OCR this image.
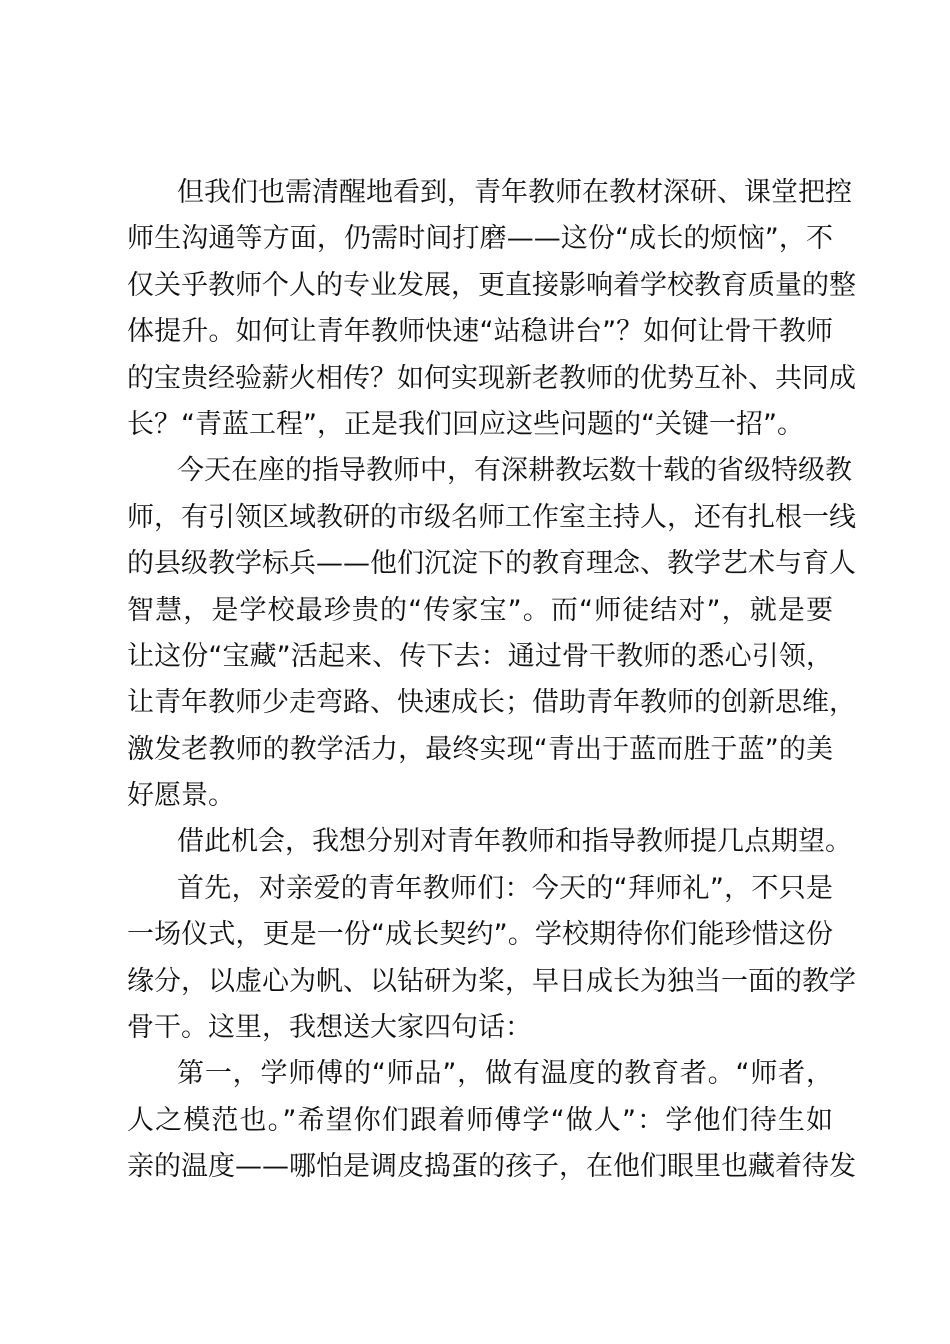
但我们也需清醒地看到，青年教师在教材深研、课堂把控
师生沟通等方面，仍需时间打磨——这份“成长的烦恼”，不
仅关乎教师个人的专业发展，更直接影响着学校教育质量的整
体提升。如何让青年教师快速“站稳讲台”？如何让骨干教师
的宝贵经验薪火相传？如何实现新老教师的优势互补、共同成
长？“青蓝工程”，正是我们回应这些问题的“关键一招”。
今天在座的指导教师中，有深耕教坛数十载的省级特级教
师，有引领区域教研的市级名师工作室主持人，还有扎根一线
的县级教学标兵——他们沉淀下的教育理念、教学艺术与育人
智慧，是学校最珍贵的“传家宝”。而“师徒结对”，就是要
让这份“宝藏”活起来、传下去：通过骨干教师的悉心引领，
让青年教师少走弯路、快速成长；借助青年教师的创新思维，
激发老教师的教学活力，最终实现“青出于蓝而胜于蓝”的美
好愿景。
借此机会，我想分别对青年教师和指导教师提几点期望。
首先，对亲爱的青年教师们：今天的“拜师礼”，不只是
一场仪式，更是一份“成长契约”。学校期待你们能珍惜这份
缘分，以虚心为帆、以钻研为桨，早日成长为独当一面的教学
骨干。这里，我想送大家四句话：
第一，学师傅的“师品”，做有温度的教育者。“师者，
人之模范也。”希望你们跟着师傅学“做人”：学他们待生如
亲的温度——哪怕是调皮捣蛋的孩子，在他们眼里也藏着待发
